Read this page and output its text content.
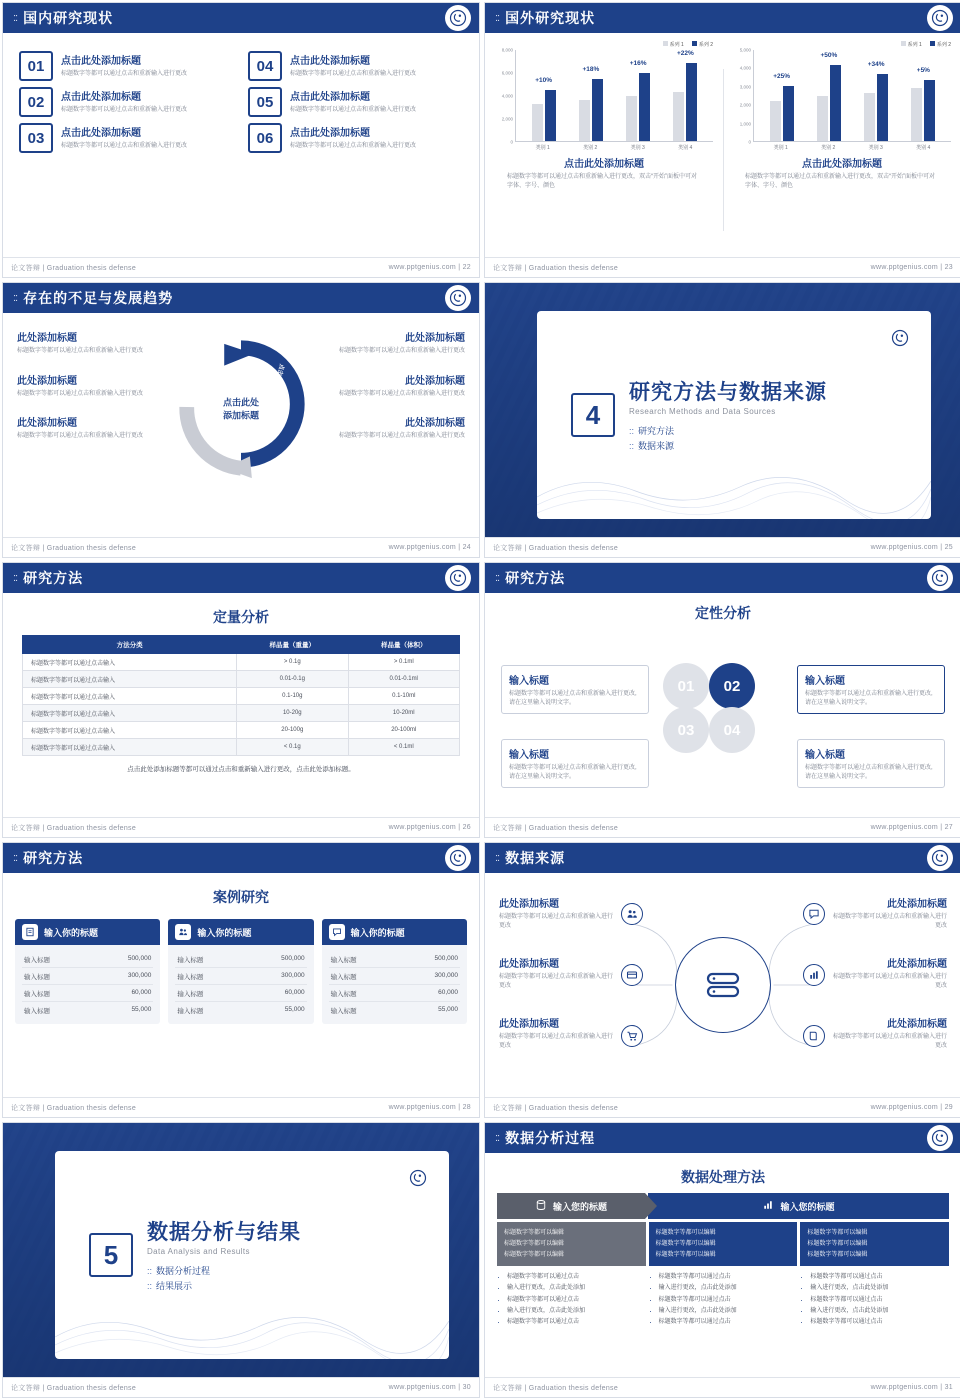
:: 国内研究现状
01	点击此处添加标题
标题数字等都可以通过点击和重新输入进行更改	04	点击此处添加标题
标题数字等都可以通过点击和重新输入进行更改
02	点击此处添加标题
标题数字等都可以通过点击和重新输入进行更改	05	点击此处添加标题
标题数字等都可以通过点击和重新输入进行更改
03	点击此处添加标题
标题数字等都可以通过点击和重新输入进行更改	06	点击此处添加标题
标题数字等都可以通过点击和重新输入进行更改
论文答辩 | Graduation thesis defense	www.pptgenius.com | 22
:: 国外研究现状
系列 1	系列 2
8,000
6,000
4,000
2,000
0
+10%
+18%
+16%
+22%
类别 1	类别 2	类别 3	类别 4
点击此处添加标题
标题数字等都可以通过点击和重新输入进行更改，双击“开始”面板中可对字体、字号、颜色
系列 1	系列 2
5,000
4,000
3,000
2,000
1,000
0
+25%
+50%
+34%
+5%
类别 1	类别 2	类别 3	类别 4
点击此处添加标题
标题数字等都可以通过点击和重新输入进行更改，双击“开始”面板中可对字体、字号、颜色
论文答辩 | Graduation thesis defense	www.pptgenius.com | 23
:: 存在的不足与发展趋势
此处添加标题
标题数字等都可以通过点击和重新输入进行更改
此处添加标题
标题数字等都可以通过点击和重新输入进行更改
此处添加标题
标题数字等都可以通过点击和重新输入进行更改
点击此处
添加标题
点击此处添加标题	点击此处添加标题
此处添加标题
标题数字等都可以通过点击和重新输入进行更改
此处添加标题
标题数字等都可以通过点击和重新输入进行更改
此处添加标题
标题数字等都可以通过点击和重新输入进行更改
论文答辩 | Graduation thesis defense	www.pptgenius.com | 24
4
研究方法与数据来源
Research Methods and Data Sources
:: 研究方法
:: 数据来源
论文答辩 | Graduation thesis defense	www.pptgenius.com | 25
:: 研究方法
定量分析
方法分类	样品量（重量）	样品量（体积）
标题数字等都可以通过点击输入	> 0.1g	> 0.1ml
标题数字等都可以通过点击输入	0.01-0.1g	0.01-0.1ml
标题数字等都可以通过点击输入	0.1-10g	0.1-10ml
标题数字等都可以通过点击输入	10-20g	10-20ml
标题数字等都可以通过点击输入	20-100g	20-100ml
标题数字等都可以通过点击输入	< 0.1g	< 0.1ml
点击此处添加标题等都可以通过点击和重新输入进行更改，点击此处添加标题。
论文答辩 | Graduation thesis defense	www.pptgenius.com | 26
:: 研究方法
定性分析
输入标题
标题数字等都可以通过点击和重新输入进行更改,请在这里输入说明文字。
输入标题
标题数字等都可以通过点击和重新输入进行更改,请在这里输入说明文字。
输入标题
标题数字等都可以通过点击和重新输入进行更改,请在这里输入说明文字。
输入标题
标题数字等都可以通过点击和重新输入进行更改,请在这里输入说明文字。
01	02
03	04
论文答辩 | Graduation thesis defense	www.pptgenius.com | 27
:: 研究方法
案例研究
输入你的标题
输入标题	500,000
输入标题	300,000
输入标题	60,000
输入标题	55,000
输入你的标题
输入标题	500,000
输入标题	300,000
输入标题	60,000
输入标题	55,000
输入你的标题
输入标题	500,000
输入标题	300,000
输入标题	60,000
输入标题	55,000
论文答辩 | Graduation thesis defense	www.pptgenius.com | 28
:: 数据来源
此处添加标题
标题数字等都可以通过点击和重新输入进行更改
此处添加标题
标题数字等都可以通过点击和重新输入进行更改
此处添加标题
标题数字等都可以通过点击和重新输入进行更改
此处添加标题
标题数字等都可以通过点击和重新输入进行更改
此处添加标题
标题数字等都可以通过点击和重新输入进行更改
此处添加标题
标题数字等都可以通过点击和重新输入进行更改
论文答辩 | Graduation thesis defense	www.pptgenius.com | 29
5
数据分析与结果
Data Analysis and Results
:: 数据分析过程
:: 结果展示
论文答辩 | Graduation thesis defense	www.pptgenius.com | 30
:: 数据分析过程
数据处理方法
输入您的标题	输入您的标题
标题数字等都可以编辑
标题数字等都可以编辑
标题数字等都可以编辑
标题数字等都可以编辑
标题数字等都可以编辑
标题数字等都可以编辑
标题数字等都可以编辑
标题数字等都可以编辑
标题数字等都可以编辑
• 标题数字等都可以通过点击
• 输入进行更改，点击此处添加
• 标题数字等都可以通过点击
• 输入进行更改，点击此处添加
• 标题数字等都可以通过点击
• 标题数字等都可以通过点击
• 输入进行更改，点击此处添加
• 标题数字等都可以通过点击
• 输入进行更改，点击此处添加
• 标题数字等都可以通过点击
• 标题数字等都可以通过点击
• 输入进行更改，点击此处添加
• 标题数字等都可以通过点击
• 输入进行更改，点击此处添加
• 标题数字等都可以通过点击
论文答辩 | Graduation thesis defense	www.pptgenius.com | 31
